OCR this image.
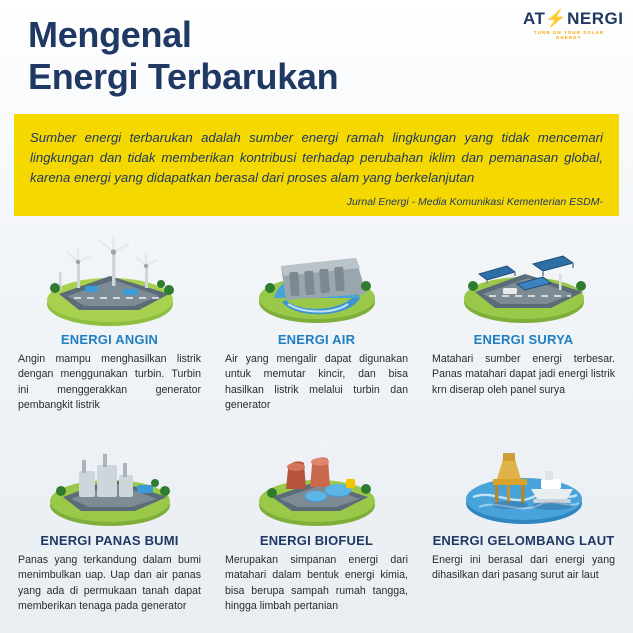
Mengenal
Energi Terbarukan
AT⚡NERGI
TURN ON YOUR SOLAR ENERGY

Sumber energi terbarukan adalah sumber energi ramah lingkungan yang tidak mencemari lingkungan dan tidak memberikan kontribusi terhadap perubahan iklim dan pemanasan global, karena energi yang didapatkan berasal dari proses alam yang berkelanjutan

Jurnal Energi - Media Komunikasi Kementerian ESDM-
ENERGI ANGIN
Angin mampu menghasilkan listrik dengan menggunakan turbin. Turbin ini menggerakkan generator pembangkit listrik
ENERGI AIR
Air yang mengalir dapat digunakan untuk memutar kincir, dan bisa hasilkan listrik melalui turbin dan generator
ENERGI SURYA
Matahari sumber energi terbesar. Panas matahari dapat jadi energi listrik krn diserap oleh panel surya
ENERGI PANAS BUMI
Panas yang terkandung dalam bumi menimbulkan uap. Uap dan air panas yang ada di permukaan tanah dapat memberikan tenaga pada generator
ENERGI BIOFUEL
Merupakan simpanan energi dari matahari dalam bentuk energi kimia, bisa berupa sampah rumah tangga, hingga limbah pertanian
ENERGI GELOMBANG LAUT
Energi ini berasal dari energi yang dihasilkan dari pasang surut air laut
